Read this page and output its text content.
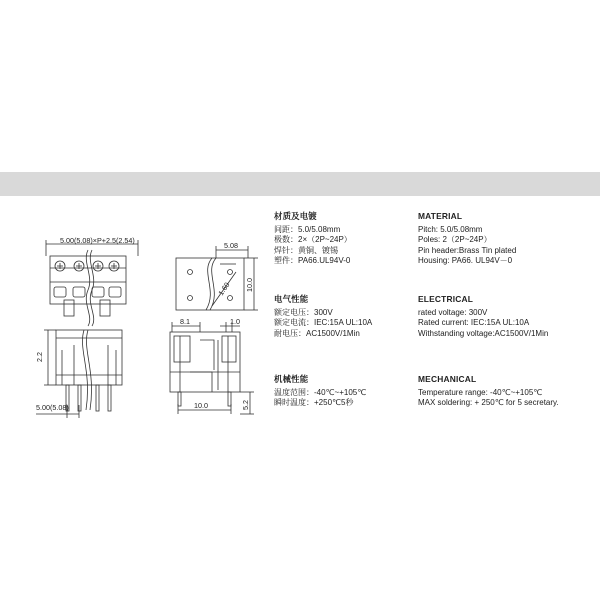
5.00(5.08)×P+2.5(2.54)
2.2
5.00(5.08)
5.08
1.60 10.0
8.1	1.0
10.0	5.2
材质及电镀
间距：5.0/5.08mm
极数：2×（2P~24P）
焊针：黄铜、镀锡
塑件：PA66.UL94V-0
电气性能
额定电压：300V
额定电流：IEC:15A UL:10A
耐电压：AC1500V/1Min
机械性能
温度范围：-40℃~+105℃
瞬时温度：+250℃5秒
MATERIAL
Pitch: 5.0/5.08mm
Poles: 2（2P~24P）
Pin header:Brass Tin plated
Housing: PA66. UL94V－0
ELECTRICAL
rated voltage: 300V
Rated current: IEC:15A UL:10A
Withstanding voltage:AC1500V/1Min
MECHANICAL
Temperature range: -40℃~+105℃
MAX soldering: + 250℃ for 5 secretary.
